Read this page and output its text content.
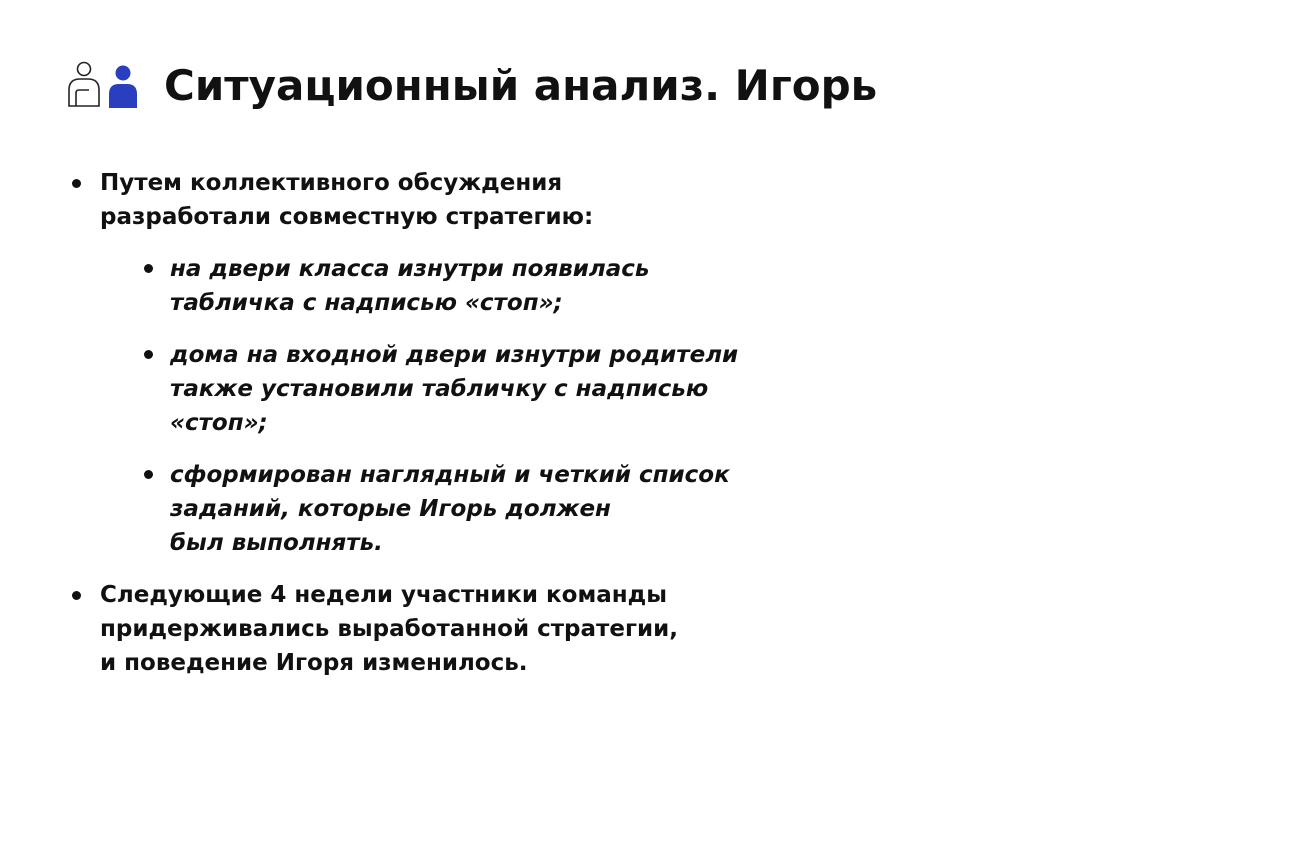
Ситуационный анализ. Игорь
Путем коллективного обсуждения
разработали совместную стратегию:
на двери класса изнутри появилась
табличка с надписью «стоп»;
дома на входной двери изнутри родители
также установили табличку с надписью
«стоп»;
сформирован наглядный и четкий список
заданий, которые Игорь должен
был выполнять.
Следующие 4 недели участники команды
придерживались выработанной стратегии,
и поведение Игоря изменилось.
